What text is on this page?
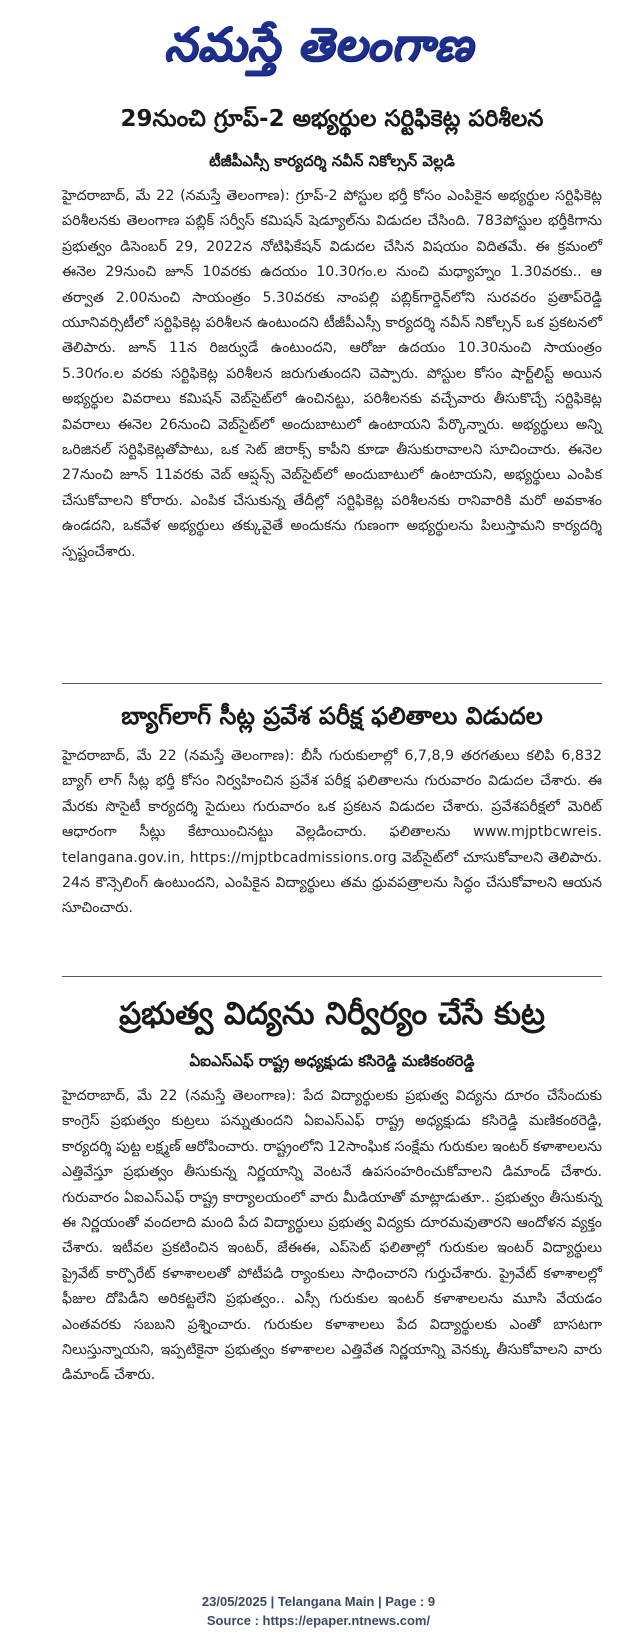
నమస్తే తెలంగాణ
29నుంచి గ్రూప్-2 అభ్యర్థుల సర్టిఫికెట్ల పరిశీలన
టీజీపీఎస్సీ కార్యదర్శి నవీన్ నికోల్సన్ వెల్లడి

హైదరాబాద్, మే 22 (నమస్తే తెలంగాణ): గ్రూప్-2 పోస్టుల భర్తీ కోసం ఎంపికైన అభ్యర్థుల సర్టిఫికెట్ల పరిశీలనకు తెలంగాణ పబ్లిక్ సర్వీస్ కమిషన్ షెడ్యూల్‌ను విడుదల చేసింది. 783పోస్టుల భర్తీకిగాను ప్రభుత్వం డిసెంబర్ 29, 2022న నోటిఫికేషన్ విడుదల చేసిన విషయం విదితమే. ఈ క్రమంలో ఈనెల 29నుంచి జూన్ 10వరకు ఉదయం 10.30గం.ల నుంచి మధ్యాహ్నం 1.30వరకు.. ఆ తర్వాత 2.00నుంచి సాయంత్రం 5.30వరకు నాంపల్లి పబ్లిక్‌గార్డెన్‌లోని సురవరం ప్రతాప్‌రెడ్డి యూనివర్సిటీలో సర్టిఫికెట్ల పరిశీలన ఉంటుందని టీజీపీఎస్సీ కార్యదర్శి నవీన్ నికోల్సన్ ఒక ప్రకటనలో తెలిపారు. జూన్ 11న రిజర్వుడే ఉంటుందని, ఆరోజు ఉదయం 10.30నుంచి సాయంత్రం 5.30గం.ల వరకు సర్టిఫికెట్ల పరిశీలన జరుగుతుందని చెప్పారు. పోస్టుల కోసం షార్ట్‌లిస్ట్ అయిన అభ్యర్థుల వివరాలు కమిషన్ వెబ్‌సైట్‌లో ఉంచినట్టు, పరిశీలనకు వచ్చేవారు తీసుకొచ్చే సర్టిఫికెట్ల వివరాలు ఈనెల 26నుంచి వెబ్‌సైట్‌లో అందుబాటులో ఉంటాయని పేర్కొన్నారు. అభ్యర్థులు అన్ని ఒరిజినల్ సర్టిఫికెట్లతోపాటు, ఒక సెట్ జిరాక్స్ కాపీని కూడా తీసుకురావాలని సూచించారు. ఈనెల 27నుంచి జూన్ 11వరకు వెబ్ ఆప్షన్స్ వెబ్‌సైట్‌లో అందుబాటులో ఉంటాయని, అభ్యర్థులు ఎంపిక చేసుకోవాలని కోరారు. ఎంపిక చేసుకున్న తేదీల్లో సర్టిఫికెట్ల పరిశీలనకు రానివారికి మరో అవకాశం ఉండదని, ఒకవేళ అభ్యర్థులు తక్కువైతే అందుకను గుణంగా అభ్యర్థులను పిలుస్తామని కార్యదర్శి స్పష్టంచేశారు.

బ్యాగ్‌లాగ్ సీట్ల ప్రవేశ పరీక్ష ఫలితాలు విడుదల

హైదరాబాద్, మే 22 (నమస్తే తెలంగాణ): బీసీ గురుకులాల్లో 6,7,8,9 తరగతులు కలిపి 6,832 బ్యాగ్ లాగ్ సీట్ల భర్తీ కోసం నిర్వహించిన ప్రవేశ పరీక్ష ఫలితాలను గురువారం విడుదల చేశారు. ఈ మేరకు సొసైటీ కార్యదర్శి సైదులు గురువారం ఒక ప్రకటన విడుదల చేశారు. ప్రవేశపరీక్షలో మెరిట్ ఆధారంగా సీట్లు కేటాయించినట్టు వెల్లడించారు. ఫలితాలను www.mjptbcwreis. telangana.gov.in, https://mjptbcadmissions.org వెబ్‌సైట్‌లో చూసుకోవాలని తెలిపారు. 24న కౌన్సెలింగ్ ఉంటుందని, ఎంపికైన విద్యార్థులు తమ ధ్రువపత్రాలను సిద్ధం చేసుకోవాలని ఆయన సూచించారు.

ప్రభుత్వ విద్యను నిర్వీర్యం చేసే కుట్ర
ఏఐఎస్ఎఫ్ రాష్ట్ర అధ్యక్షుడు కసిరెడ్డి మణికంఠరెడ్డి

హైదరాబాద్, మే 22 (నమస్తే తెలంగాణ): పేద విద్యార్థులకు ప్రభుత్వ విద్యను దూరం చేసేందుకు కాంగ్రెస్ ప్రభుత్వం కుట్రలు పన్నుతుందని ఏఐఎస్ఎఫ్ రాష్ట్ర అధ్యక్షుడు కసిరెడ్డి మణికంఠరెడ్డి, కార్యదర్శి పుట్ట లక్ష్మణ్ ఆరోపించారు. రాష్ట్రంలోని 12సాంఘిక సంక్షేమ గురుకుల ఇంటర్ కళాశాలలను ఎత్తివేస్తూ ప్రభుత్వం తీసుకున్న నిర్ణయాన్ని వెంటనే ఉపసంహరించుకోవాలని డిమాండ్ చేశారు. గురువారం ఏఐఎస్ఎఫ్ రాష్ట్ర కార్యాలయంలో వారు మీడియాతో మాట్లాడుతూ.. ప్రభుత్వం తీసుకున్న ఈ నిర్ణయంతో వందలాది మంది పేద విద్యార్థులు ప్రభుత్వ విద్యకు దూరమవుతారని ఆందోళన వ్యక్తం చేశారు. ఇటీవల ప్రకటించిన ఇంటర్, జేఈఈ, ఎప్‌సెట్ ఫలితాల్లో గురుకుల ఇంటర్ విద్యార్థులు ప్రైవేట్ కార్పొరేట్ కళాశాలలతో పోటీపడి ర్యాంకులు సాధించారని గుర్తుచేశారు. ప్రైవేట్ కళాశాలల్లో ఫీజుల దోపిడీని అరికట్టలేని ప్రభుత్వం.. ఎస్సీ గురుకుల ఇంటర్ కళాశాలలను మూసి వేయడం ఎంతవరకు సబబని ప్రశ్నించారు. గురుకుల కళాశాలలు పేద విద్యార్థులకు ఎంతో బాసటగా నిలుస్తున్నాయని, ఇప్పటికైనా ప్రభుత్వం కళాశాలల ఎత్తివేత నిర్ణయాన్ని వెనక్కు తీసుకోవాలని వారు డిమాండ్ చేశారు.

23/05/2025 | Telangana Main | Page : 9
Source : https://epaper.ntnews.com/
